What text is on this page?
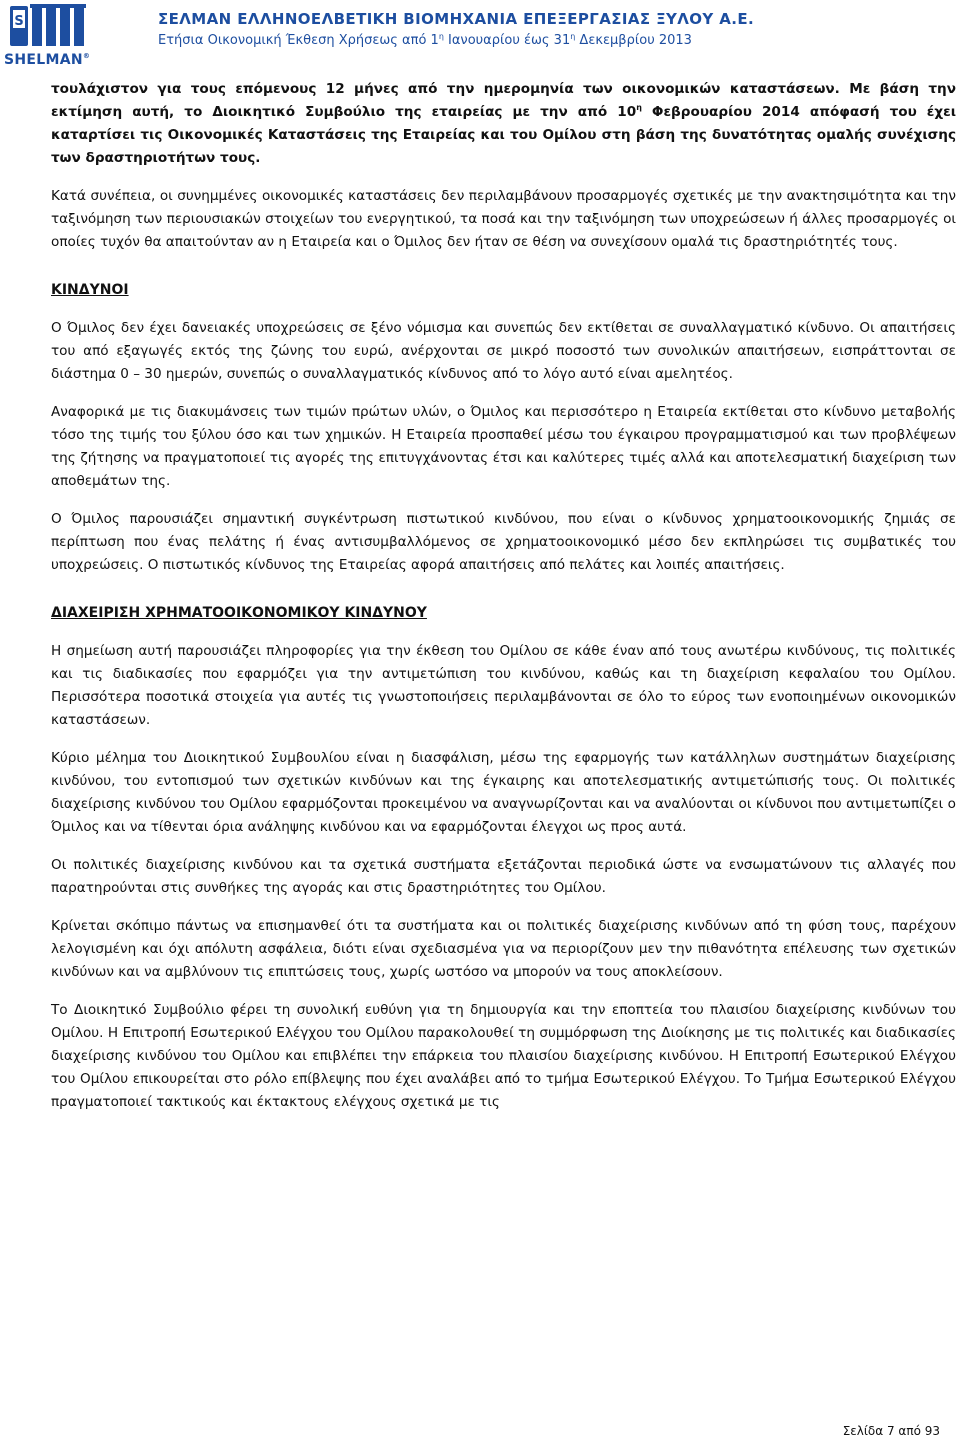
S
SHELMAN®
ΣΕΛΜΑΝ ΕΛΛΗΝΟΕΛΒΕΤΙΚΗ ΒΙΟΜΗΧΑΝΙΑ ΕΠΕΞΕΡΓΑΣΙΑΣ ΞΥΛΟΥ Α.Ε.
Ετήσια Οικονομική Έκθεση Χρήσεως από $1^\eta$ Ιανουαρίου έως $31^\eta$ Δεκεμβρίου 2013

τουλάχιστον για τους επόμενους 12 μήνες από την ημερομηνία των οικονομικών καταστάσεων. Με βάση την εκτίμηση αυτή, το Διοικητικό Συμβούλιο της εταιρείας με την από $10^\eta$ Φεβρουαρίου 2014 απόφασή του έχει καταρτίσει τις Οικονομικές Καταστάσεις της Εταιρείας και του Ομίλου στη βάση της δυνατότητας ομαλής συνέχισης των δραστηριοτήτων τους.

Κατά συνέπεια, οι συνημμένες οικονομικές καταστάσεις δεν περιλαμβάνουν προσαρμογές σχετικές με την ανακτησιμότητα και την ταξινόμηση των περιουσιακών στοιχείων του ενεργητικού, τα ποσά και την ταξινόμηση των υποχρεώσεων ή άλλες προσαρμογές οι οποίες τυχόν θα απαιτούνταν αν η Εταιρεία και ο Όμιλος δεν ήταν σε θέση να συνεχίσουν ομαλά τις δραστηριότητές τους.

ΚΙΝΔΥΝΟΙ

Ο Όμιλος δεν έχει δανειακές υποχρεώσεις σε ξένο νόμισμα και συνεπώς δεν εκτίθεται σε συναλλαγματικό κίνδυνο. Οι απαιτήσεις του από εξαγωγές εκτός της ζώνης του ευρώ, ανέρχονται σε μικρό ποσοστό των συνολικών απαιτήσεων, εισπράττονται σε διάστημα 0 – 30 ημερών, συνεπώς ο συναλλαγματικός κίνδυνος από το λόγο αυτό είναι αμελητέος.

Αναφορικά με τις διακυμάνσεις των τιμών πρώτων υλών, ο Όμιλος και περισσότερο η Εταιρεία εκτίθεται στο κίνδυνο μεταβολής τόσο της τιμής του ξύλου όσο και των χημικών. Η Εταιρεία προσπαθεί μέσω του έγκαιρου προγραμματισμού και των προβλέψεων της ζήτησης να πραγματοποιεί τις αγορές της επιτυγχάνοντας έτσι και καλύτερες τιμές αλλά και αποτελεσματική διαχείριση των αποθεμάτων της.

Ο Όμιλος παρουσιάζει σημαντική συγκέντρωση πιστωτικού κινδύνου, που είναι ο κίνδυνος χρηματοοικονομικής ζημιάς σε περίπτωση που ένας πελάτης ή ένας αντισυμβαλλόμενος σε χρηματοοικονομικό μέσο δεν εκπληρώσει τις συμβατικές του υποχρεώσεις. Ο πιστωτικός κίνδυνος της Εταιρείας αφορά απαιτήσεις από πελάτες και λοιπές απαιτήσεις.

ΔΙΑΧΕΙΡΙΣΗ ΧΡΗΜΑΤΟΟΙΚΟΝΟΜΙΚΟΥ ΚΙΝΔΥΝΟΥ

Η σημείωση αυτή παρουσιάζει πληροφορίες για την έκθεση του Ομίλου σε κάθε έναν από τους ανωτέρω κινδύνους, τις πολιτικές και τις διαδικασίες που εφαρμόζει για την αντιμετώπιση του κινδύνου, καθώς και τη διαχείριση κεφαλαίου του Ομίλου. Περισσότερα ποσοτικά στοιχεία για αυτές τις γνωστοποιήσεις περιλαμβάνονται σε όλο το εύρος των ενοποιημένων οικονομικών καταστάσεων.

Κύριο μέλημα του Διοικητικού Συμβουλίου είναι η διασφάλιση, μέσω της εφαρμογής των κατάλληλων συστημάτων διαχείρισης κινδύνου, του εντοπισμού των σχετικών κινδύνων και της έγκαιρης και αποτελεσματικής αντιμετώπισής τους. Οι πολιτικές διαχείρισης κινδύνου του Ομίλου εφαρμόζονται προκειμένου να αναγνωρίζονται και να αναλύονται οι κίνδυνοι που αντιμετωπίζει ο Όμιλος και να τίθενται όρια ανάληψης κινδύνου και να εφαρμόζονται έλεγχοι ως προς αυτά.

Οι πολιτικές διαχείρισης κινδύνου και τα σχετικά συστήματα εξετάζονται περιοδικά ώστε να ενσωματώνουν τις αλλαγές που παρατηρούνται στις συνθήκες της αγοράς και στις δραστηριότητες του Ομίλου.

Κρίνεται σκόπιμο πάντως να επισημανθεί ότι τα συστήματα και οι πολιτικές διαχείρισης κινδύνων από τη φύση τους, παρέχουν λελογισμένη και όχι απόλυτη ασφάλεια, διότι είναι σχεδιασμένα για να περιορίζουν μεν την πιθανότητα επέλευσης των σχετικών κινδύνων και να αμβλύνουν τις επιπτώσεις τους, χωρίς ωστόσο να μπορούν να τους αποκλείσουν.

Το Διοικητικό Συμβούλιο φέρει τη συνολική ευθύνη για τη δημιουργία και την εποπτεία του πλαισίου διαχείρισης κινδύνων του Ομίλου. Η Επιτροπή Εσωτερικού Ελέγχου του Ομίλου παρακολουθεί τη συμμόρφωση της Διοίκησης με τις πολιτικές και διαδικασίες διαχείρισης κινδύνου του Ομίλου και επιβλέπει την επάρκεια του πλαισίου διαχείρισης κινδύνου. Η Επιτροπή Εσωτερικού Ελέγχου του Ομίλου επικουρείται στο ρόλο επίβλεψης που έχει αναλάβει από το τμήμα Εσωτερικού Ελέγχου. Το Τμήμα Εσωτερικού Ελέγχου πραγματοποιεί τακτικούς και έκτακτους ελέγχους σχετικά με τις

Σελίδα 7 από 93
